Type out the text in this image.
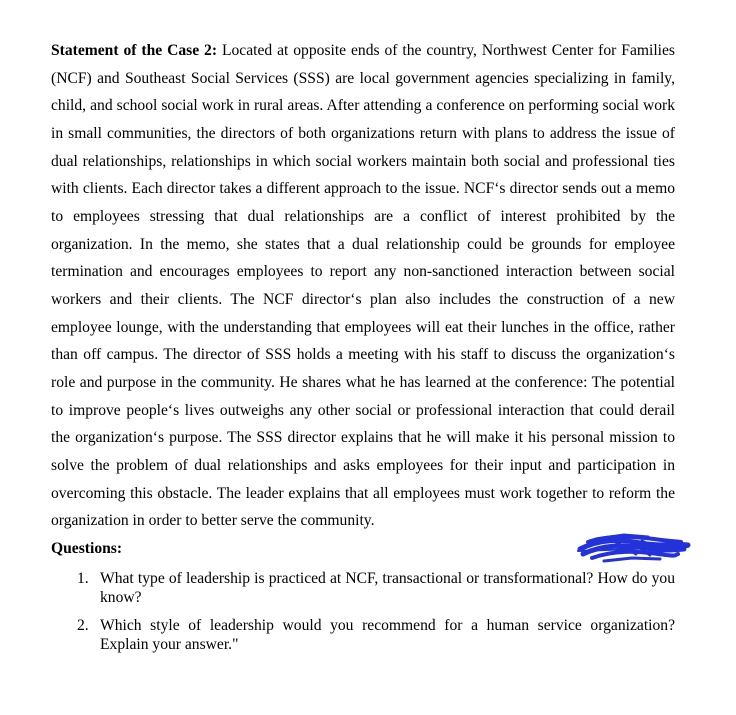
Statement of the Case 2: Located at opposite ends of the country, Northwest Center for Families (NCF) and Southeast Social Services (SSS) are local government agencies specializing in family, child, and school social work in rural areas. After attending a conference on performing social work in small communities, the directors of both organizations return with plans to address the issue of dual relationships, relationships in which social workers maintain both social and professional ties with clients. Each director takes a different approach to the issue. NCF‘s director sends out a memo to employees stressing that dual relationships are a conflict of interest prohibited by the organization. In the memo, she states that a dual relationship could be grounds for employee termination and encourages employees to report any non-sanctioned interaction between social workers and their clients. The NCF director‘s plan also includes the construction of a new employee lounge, with the understanding that employees will eat their lunches in the office, rather than off campus. The director of SSS holds a meeting with his staff to discuss the organization‘s role and purpose in the community. He shares what he has learned at the conference: The potential to improve people‘s lives outweighs any other social or professional interaction that could derail the organization‘s purpose. The SSS director explains that he will make it his personal mission to solve the problem of dual relationships and asks employees for their input and participation in overcoming this obstacle. The leader explains that all employees must work together to reform the organization in order to better serve the community.

Questions:
1. What type of leadership is practiced at NCF, transactional or transformational? How do you know?
2. Which style of leadership would you recommend for a human service organization? Explain your answer."
